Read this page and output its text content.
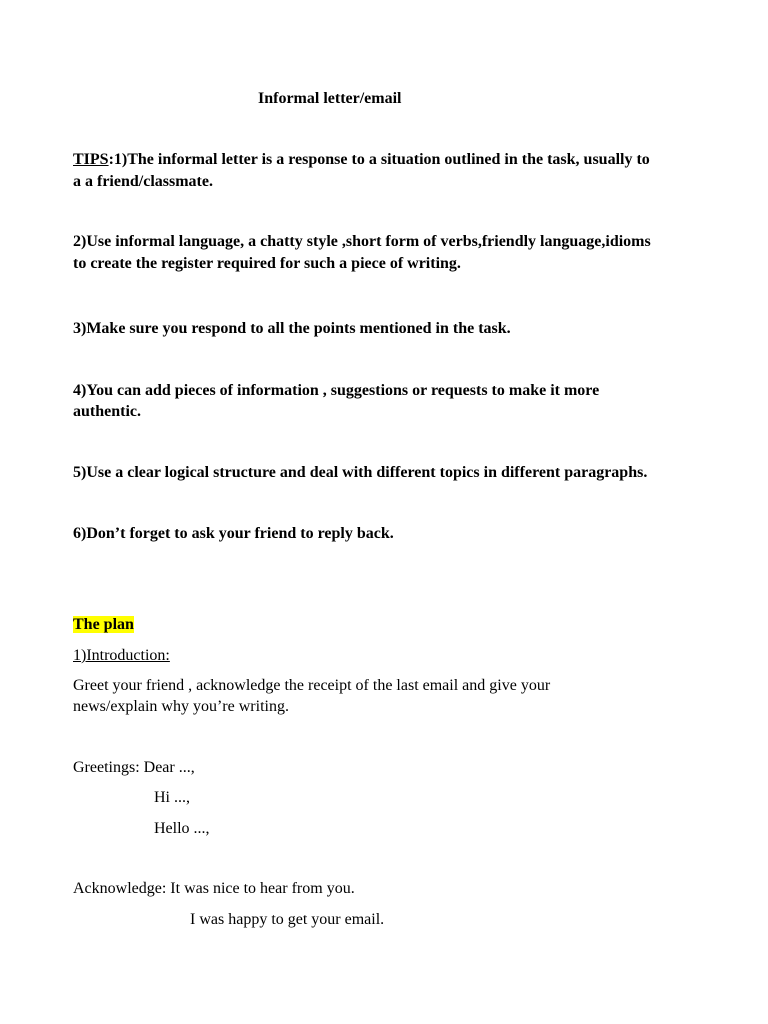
Informal letter/email
TIPS:1)The informal letter is a response to a situation outlined in the task, usually to
a a friend/classmate.
2)Use informal language, a chatty style ,short form of verbs,friendly language,idioms
to create the register required for such a piece of writing.
3)Make sure you respond to all the points mentioned in the task.
4)You can add pieces of information , suggestions or requests to make it more
authentic.
5)Use a clear logical structure and deal with different topics in different paragraphs.
6)Don’t forget to ask your friend to reply back.
The plan
1)Introduction:
Greet your friend , acknowledge the receipt of the last email and give your
news/explain why you’re writing.
Greetings: Dear ...,
Hi ...,
Hello ...,
Acknowledge: It was nice to hear from you.
I was happy to get your email.
